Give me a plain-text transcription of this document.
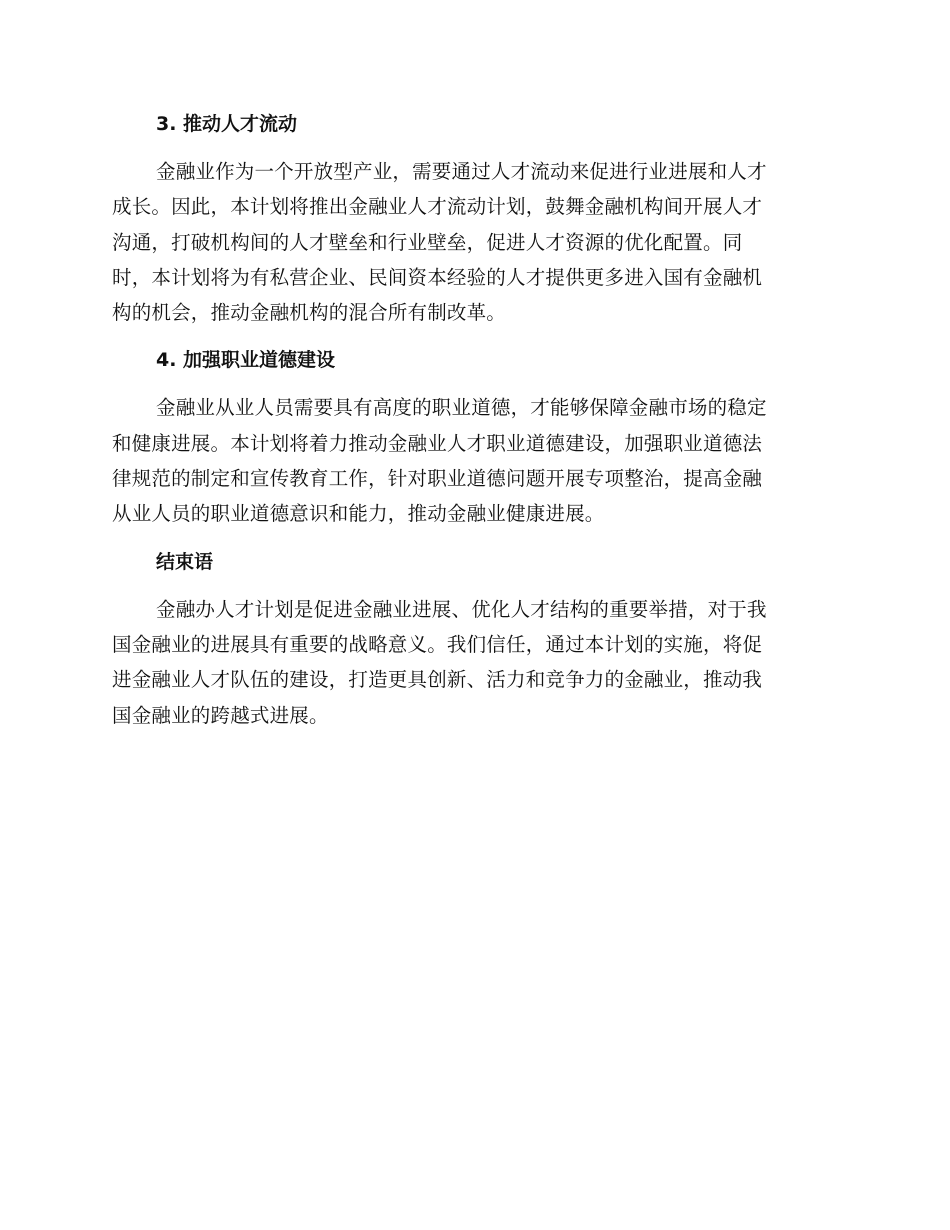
3. 推动人才流动
金融业作为一个开放型产业，需要通过人才流动来促进行业进展和人才
成长。因此，本计划将推出金融业人才流动计划，鼓舞金融机构间开展人才
沟通，打破机构间的人才壁垒和行业壁垒，促进人才资源的优化配置。同
时，本计划将为有私营企业、民间资本经验的人才提供更多进入国有金融机
构的机会，推动金融机构的混合所有制改革。
4. 加强职业道德建设
金融业从业人员需要具有高度的职业道德，才能够保障金融市场的稳定
和健康进展。本计划将着力推动金融业人才职业道德建设，加强职业道德法
律规范的制定和宣传教育工作，针对职业道德问题开展专项整治，提高金融
从业人员的职业道德意识和能力，推动金融业健康进展。
结束语
金融办人才计划是促进金融业进展、优化人才结构的重要举措，对于我
国金融业的进展具有重要的战略意义。我们信任，通过本计划的实施，将促
进金融业人才队伍的建设，打造更具创新、活力和竞争力的金融业，推动我
国金融业的跨越式进展。
